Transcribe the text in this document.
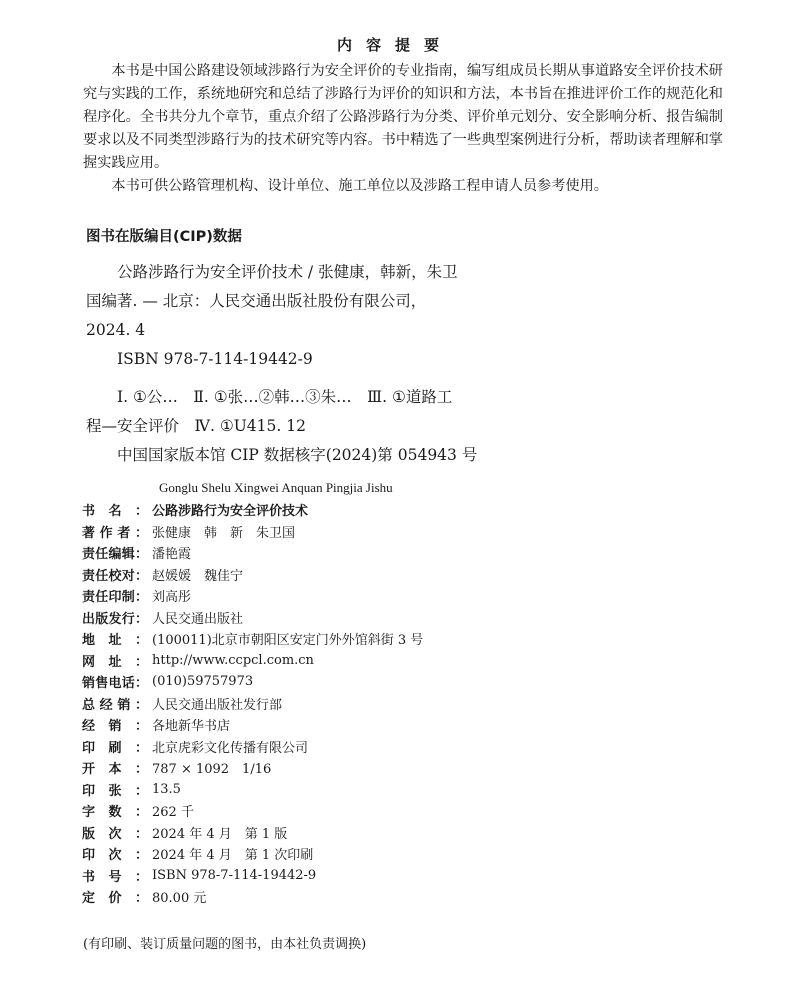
内容提要

本书是中国公路建设领域涉路行为安全评价的专业指南，编写组成员长期从事道路安全评价技术研究与实践的工作，系统地研究和总结了涉路行为评价的知识和方法，本书旨在推进评价工作的规范化和程序化。全书共分九个章节，重点介绍了公路涉路行为分类、评价单元划分、安全影响分析、报告编制要求以及不同类型涉路行为的技术研究等内容。书中精选了一些典型案例进行分析，帮助读者理解和掌握实践应用。

本书可供公路管理机构、设计单位、施工单位以及涉路工程申请人员参考使用。

图书在版编目(CIP)数据
公路涉路行为安全评价技术 / 张健康，韩新，朱卫
国编著. — 北京：人民交通出版社股份有限公司，
2024. 4
ISBN 978-7-114-19442-9
Ⅰ. ①公…　Ⅱ. ①张…②韩…③朱…　Ⅲ. ①道路工
程—安全评价　Ⅳ. ①U415. 12
中国国家版本馆 CIP 数据核字(2024)第 054943 号
Gonglu Shelu Xingwei Anquan Pingjia Jishu
书名：	公路涉路行为安全评价技术
著作者：	张健康　韩　新　朱卫国
责任编辑：	潘艳霞
责任校对：	赵媛媛　魏佳宁
责任印制：	刘高彤
出版发行：	人民交通出版社
地址：	(100011)北京市朝阳区安定门外外馆斜街 3 号
网址：	http://www.ccpcl.com.cn
销售电话：	(010)59757973
总经销：	人民交通出版社发行部
经销：	各地新华书店
印刷：	北京虎彩文化传播有限公司
开本：	787 × 1092　1/16
印张：	13.5
字数：	262 千
版次：	2024 年 4 月　第 1 版
印次：	2024 年 4 月　第 1 次印刷
书号：	ISBN 978-7-114-19442-9
定价：	80.00 元
(有印刷、装订质量问题的图书，由本社负责调换)
